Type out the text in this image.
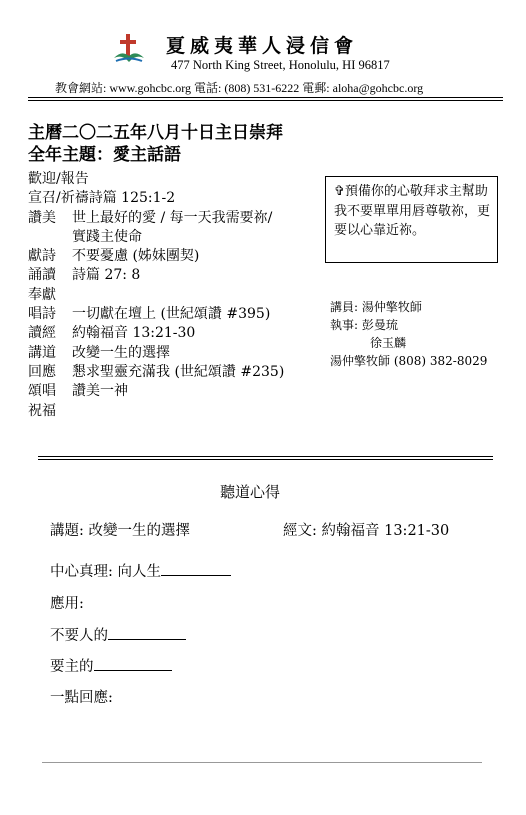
夏威夷華人浸信會
477 North King Street, Honolulu, HI 96817
教會網站: www.gohcbc.org 電話: (808) 531-6222 電郵: aloha@gohcbc.org
主曆二〇二五年八月十日主日崇拜
全年主題：愛主話語
歡迎/報告
宣召/祈禱 詩篇 125:1-2
讚美	世上最好的愛 / 每一天我需要祢/
實踐主使命
獻詩	不要憂慮 (姊妹團契)
誦讀	詩篇 27: 8
奉獻
唱詩	一切獻在壇上 (世紀頌讚 #395)
讀經	約翰福音 13:21-30
講道	改變一生的選擇
回應	懇求聖靈充滿我 (世紀頌讚 #235)
頌唱	讚美一神
祝福
✞預備你的心敬拜求主幫助我不要單單用唇尊敬祢，更要以心靠近祢。
講員: 湯仲擎牧師
執事: 彭曼琉
徐玉麟
湯仲擎牧師 (808) 382-8029
聽道心得
講題: 改變一生的選擇	經文: 約翰福音 13:21-30
中心真理: 向人生
應用:
不要人的
要主的
一點回應:
